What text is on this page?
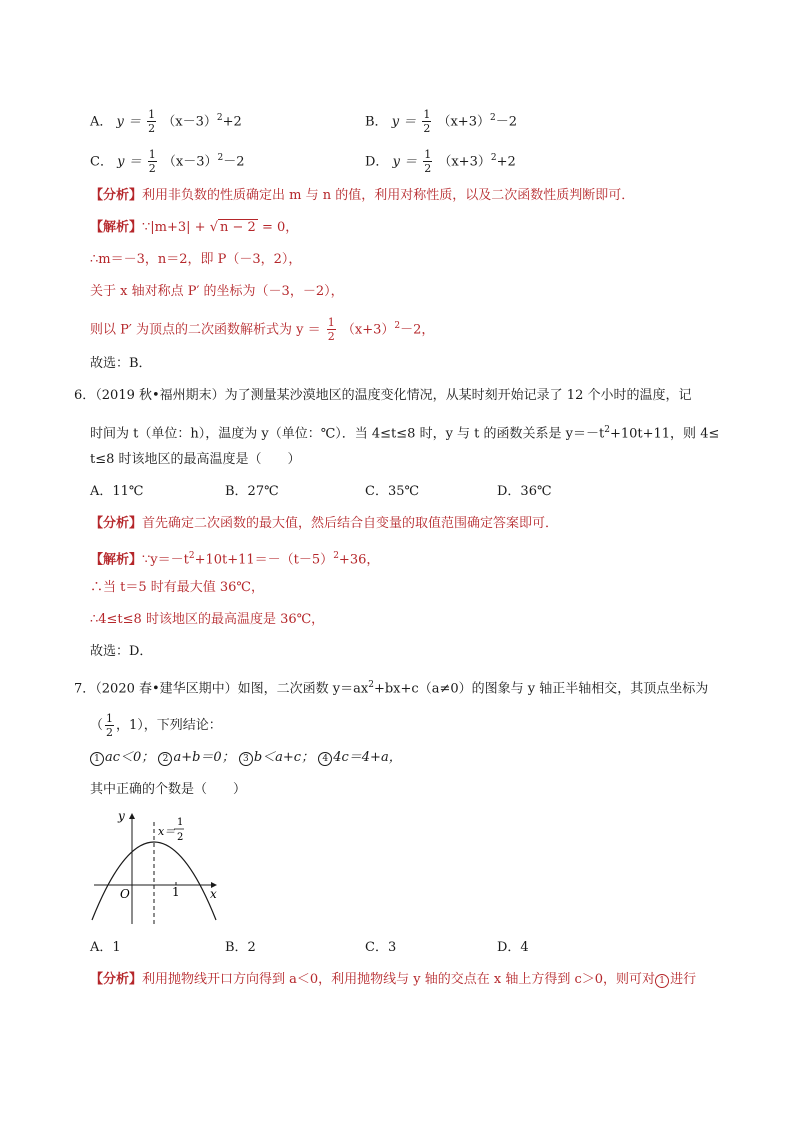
A． $y = \frac{1}{2} (x-3)^2+2$	B． $y = \frac{1}{2} (x+3)^2-2$
C． $y = \frac{1}{2} (x-3)^2-2$	D． $y = \frac{1}{2} (x+3)^2+2$
【分析】利用非负数的性质确定出 m 与 n 的值，利用对称性质，以及二次函数性质判断即可．
【解析】∵|m+3| + √ n − 2 = 0，
∴m＝－3，n＝2，即 P（－3，2），
关于 x 轴对称点 P′ 的坐标为（－3，－2），
则以 P′ 为顶点的二次函数解析式为 $y = \frac{1}{2} (x+3)^2-2$，
故选：B．
6．（2019 秋•福州期末）为了测量某沙漠地区的温度变化情况，从某时刻开始记录了 12 个小时的温度，记
时间为 t（单位：h），温度为 y（单位：℃）．当 4≤t≤8 时，y 与 t 的函数关系是 $y=-t^2+10t+11$，则 4≤
t≤8 时该地区的最高温度是（　　）
A．11℃	B．27℃	C．35℃	D．36℃
【分析】首先确定二次函数的最大值，然后结合自变量的取值范围确定答案即可．
【解析】$\because y=-t^2+10t+11=-(t-5)^2+36$，
∴当 t＝5 时有最大值 36℃，
∴4≤t≤8 时该地区的最高温度是 36℃，
故选：D．
7．（2020 春•建华区期中）如图，二次函数 $y=ax^2+bx+c(a\ne 0)$的图象与 y 轴正半轴相交，其顶点坐标为
（ $\frac{1}{2}$ ，1），下列结论：
1 ac＜0； 2 a+b＝0； 3 b＜a+c； 4 4c＝4+a，
其中正确的个数是（　　）
y
x
O	1
x＝
1
2
A．1	B．2	C．3	D．4
【分析】利用抛物线开口方向得到 a＜0，利用抛物线与 y 轴的交点在 x 轴上方得到 c＞0，则可对 1 进行
